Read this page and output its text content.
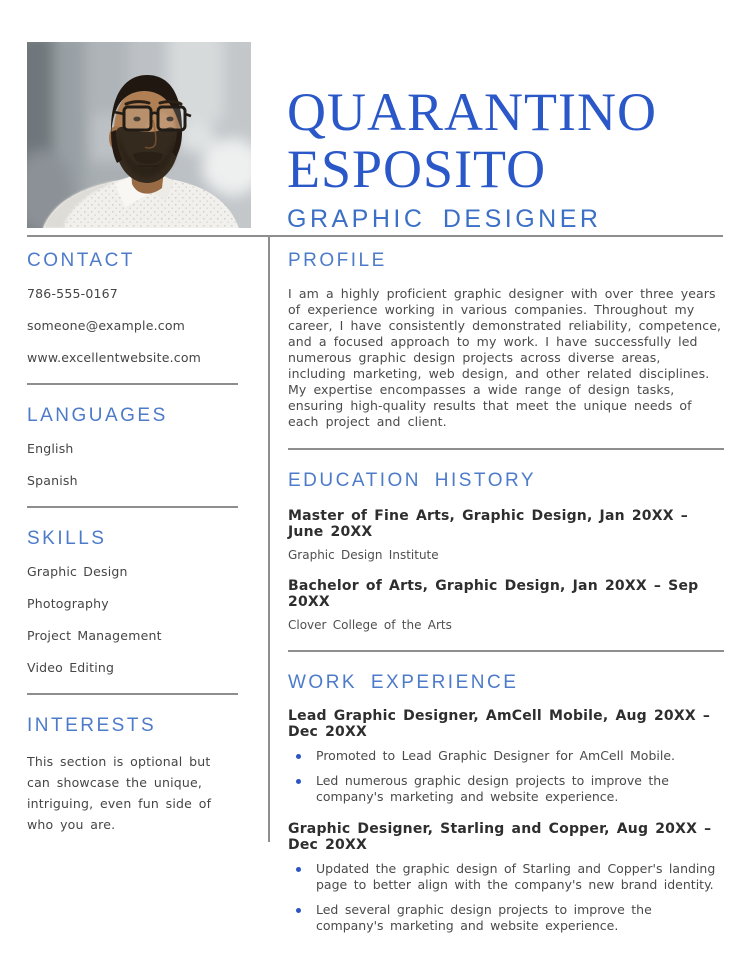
QUARANTINO
ESPOSITO
GRAPHIC DESIGNER
CONTACT
786-555-0167
someone@example.com
www.excellentwebsite.com
LANGUAGES
English
Spanish
SKILLS
Graphic Design
Photography
Project Management
Video Editing
INTERESTS

This section is optional but can showcase the unique, intriguing, even fun side of who you are.

PROFILE

I am a highly proficient graphic designer with over three years of experience working in various companies. Throughout my career, I have consistently demonstrated reliability, competence, and a focused approach to my work. I have successfully led numerous graphic design projects across diverse areas, including marketing, web design, and other related disciplines. My expertise encompasses a wide range of design tasks, ensuring high-quality results that meet the unique needs of each project and client.

EDUCATION HISTORY

Master of Fine Arts, Graphic Design, Jan 20XX – June 20XX

Graphic Design Institute

Bachelor of Arts, Graphic Design, Jan 20XX – Sep 20XX

Clover College of the Arts

WORK EXPERIENCE

Lead Graphic Designer, AmCell Mobile, Aug 20XX – Dec 20XX

Promoted to Lead Graphic Designer for AmCell Mobile.
Led numerous graphic design projects to improve the company's marketing and website experience.

Graphic Designer, Starling and Copper, Aug 20XX – Dec 20XX

Updated the graphic design of Starling and Copper's landing page to better align with the company's new brand identity.
Led several graphic design projects to improve the company's marketing and website experience.
